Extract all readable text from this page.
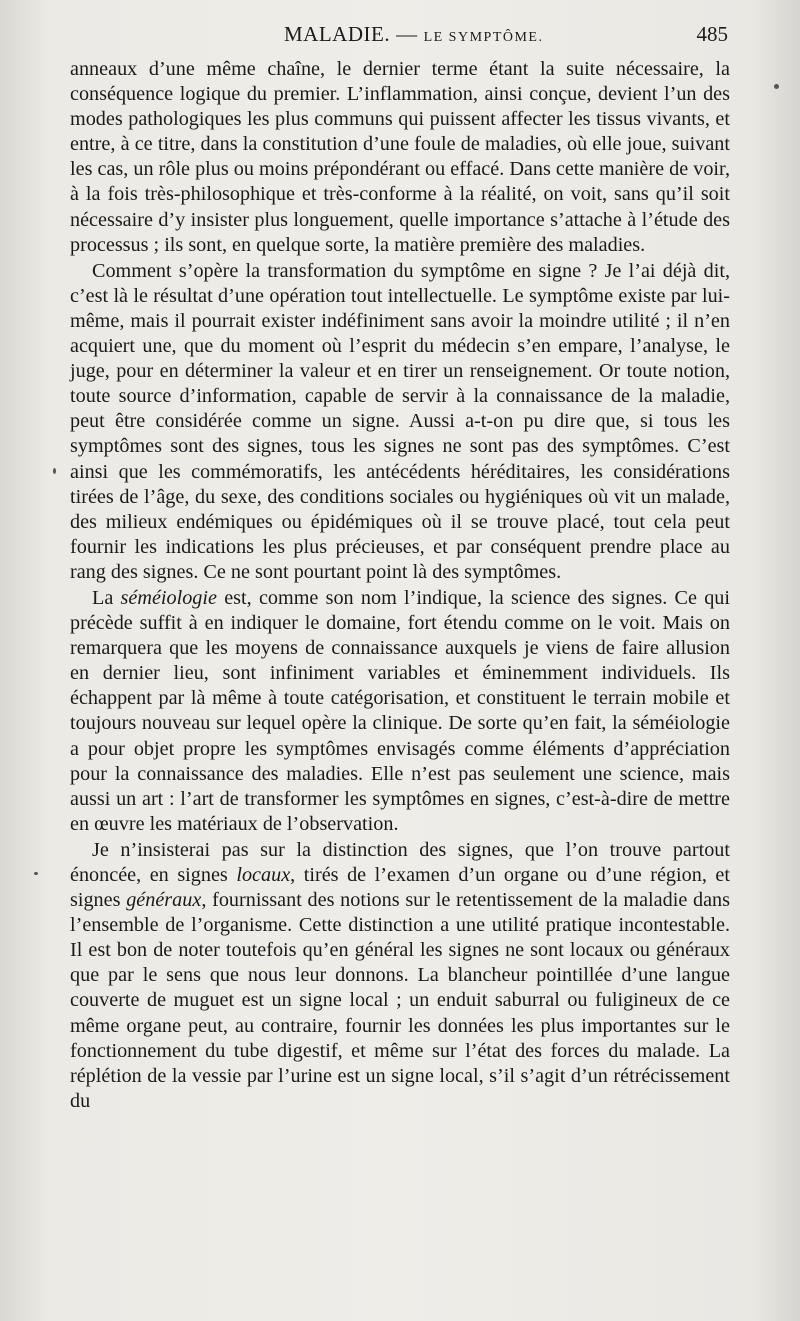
MALADIE. — LE SYMPTÔME.	485

anneaux d’une même chaîne, le dernier terme étant la suite nécessaire, la conséquence logique du premier. L’inflammation, ainsi conçue, devient l’un des modes pathologiques les plus communs qui puissent affecter les tissus vivants, et entre, à ce titre, dans la constitution d’une foule de maladies, où elle joue, suivant les cas, un rôle plus ou moins prépondérant ou effacé. Dans cette manière de voir, à la fois très-philosophique et très-conforme à la réalité, on voit, sans qu’il soit nécessaire d’y insister plus longuement, quelle importance s’attache à l’étude des processus ; ils sont, en quelque sorte, la matière première des maladies.

Comment s’opère la transformation du symptôme en signe ? Je l’ai déjà dit, c’est là le résultat d’une opération tout intellectuelle. Le symptôme existe par lui-même, mais il pourrait exister indéfiniment sans avoir la moindre utilité ; il n’en acquiert une, que du moment où l’esprit du médecin s’en empare, l’analyse, le juge, pour en déterminer la valeur et en tirer un renseignement. Or toute notion, toute source d’information, capable de servir à la connaissance de la maladie, peut être considérée comme un signe. Aussi a-t-on pu dire que, si tous les symptômes sont des signes, tous les signes ne sont pas des symptômes. C’est ainsi que les commémoratifs, les antécédents héréditaires, les considérations tirées de l’âge, du sexe, des conditions sociales ou hygiéniques où vit un malade, des milieux endémiques ou épidémiques où il se trouve placé, tout cela peut fournir les indications les plus précieuses, et par conséquent prendre place au rang des signes. Ce ne sont pourtant point là des symptômes.

La séméiologie est, comme son nom l’indique, la science des signes. Ce qui précède suffit à en indiquer le domaine, fort étendu comme on le voit. Mais on remarquera que les moyens de connaissance auxquels je viens de faire allusion en dernier lieu, sont infiniment variables et éminemment individuels. Ils échappent par là même à toute catégorisation, et constituent le terrain mobile et toujours nouveau sur lequel opère la clinique. De sorte qu’en fait, la séméiologie a pour objet propre les symptômes envisagés comme éléments d’appréciation pour la connaissance des maladies. Elle n’est pas seulement une science, mais aussi un art : l’art de transformer les symptômes en signes, c’est-à-dire de mettre en œuvre les matériaux de l’observation.

Je n’insisterai pas sur la distinction des signes, que l’on trouve partout énoncée, en signes locaux, tirés de l’examen d’un organe ou d’une région, et signes généraux, fournissant des notions sur le retentissement de la maladie dans l’ensemble de l’organisme. Cette distinction a une utilité pratique incontestable. Il est bon de noter toutefois qu’en général les signes ne sont locaux ou généraux que par le sens que nous leur donnons. La blancheur pointillée d’une langue couverte de muguet est un signe local ; un enduit saburral ou fuligineux de ce même organe peut, au contraire, fournir les données les plus importantes sur le fonctionnement du tube digestif, et même sur l’état des forces du malade. La réplétion de la vessie par l’urine est un signe local, s’il s’agit d’un rétrécissement du
